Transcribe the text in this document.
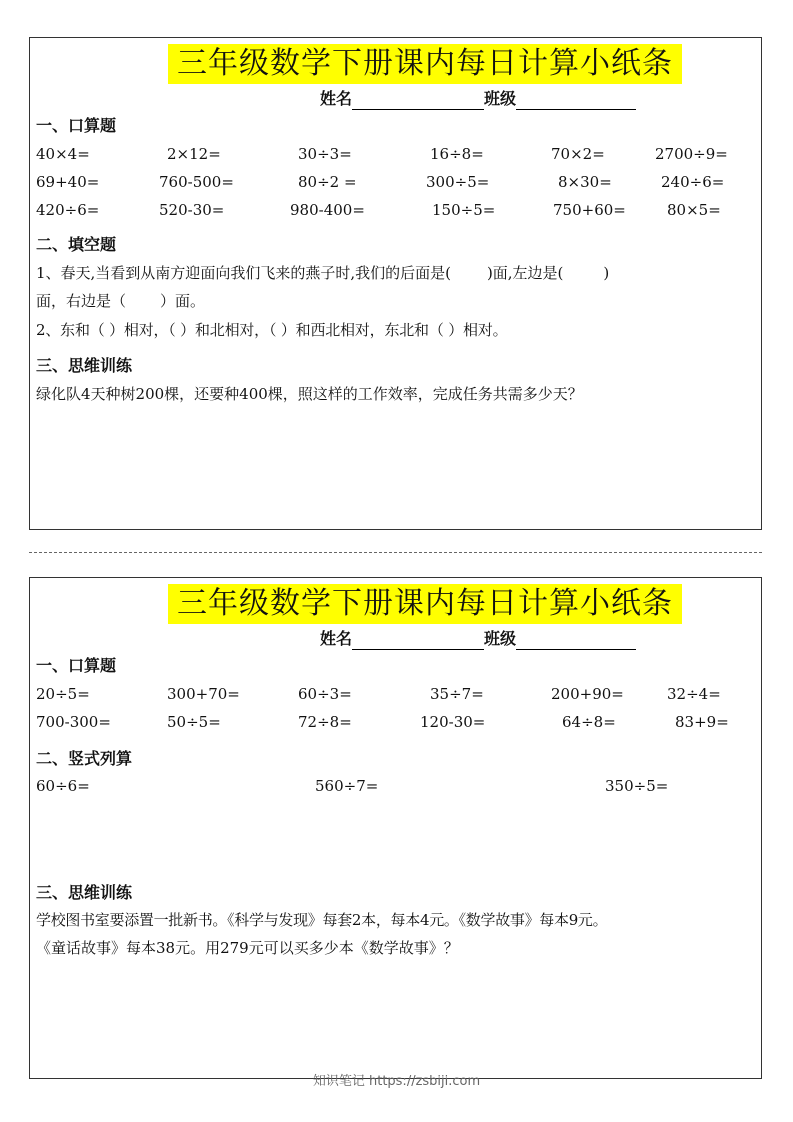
三年级数学下册课内每日计算小纸条
姓名	班级
一、口算题
40×4=	2×12=	30÷3=	16÷8=	70×2=	2700÷9=
69+40=	760-500=	80÷2 =	300÷5=	8×30=	240÷6=
420÷6=	520-30=	980-400=	150÷5=	750+60=	80×5=
二、填空题
1、春天,当看到从南方迎面向我们飞来的燕子时,我们的后面是( )面,左边是(	)
面，右边是（ ）面。
2、东和（ ）相对，（ ）和北相对，（ ）和西北相对，东北和（ ）相对。
三、思维训练
绿化队4天种树200棵，还要种400棵，照这样的工作效率，完成任务共需多少天？
三年级数学下册课内每日计算小纸条
姓名	班级
一、口算题
20÷5=	300+70=	60÷3=	35÷7=	200+90=	32÷4=
700-300=	50÷5=	72÷8=	120-30=	64÷8=	83+9=
二、竖式列算
60÷6=	560÷7=	350÷5=
三、思维训练
学校图书室要添置一批新书。《科学与发现》每套2本，每本4元。《数学故事》每本9元。
《童话故事》每本38元。用279元可以买多少本《数学故事》？
知识笔记 https://zsbiji.com
